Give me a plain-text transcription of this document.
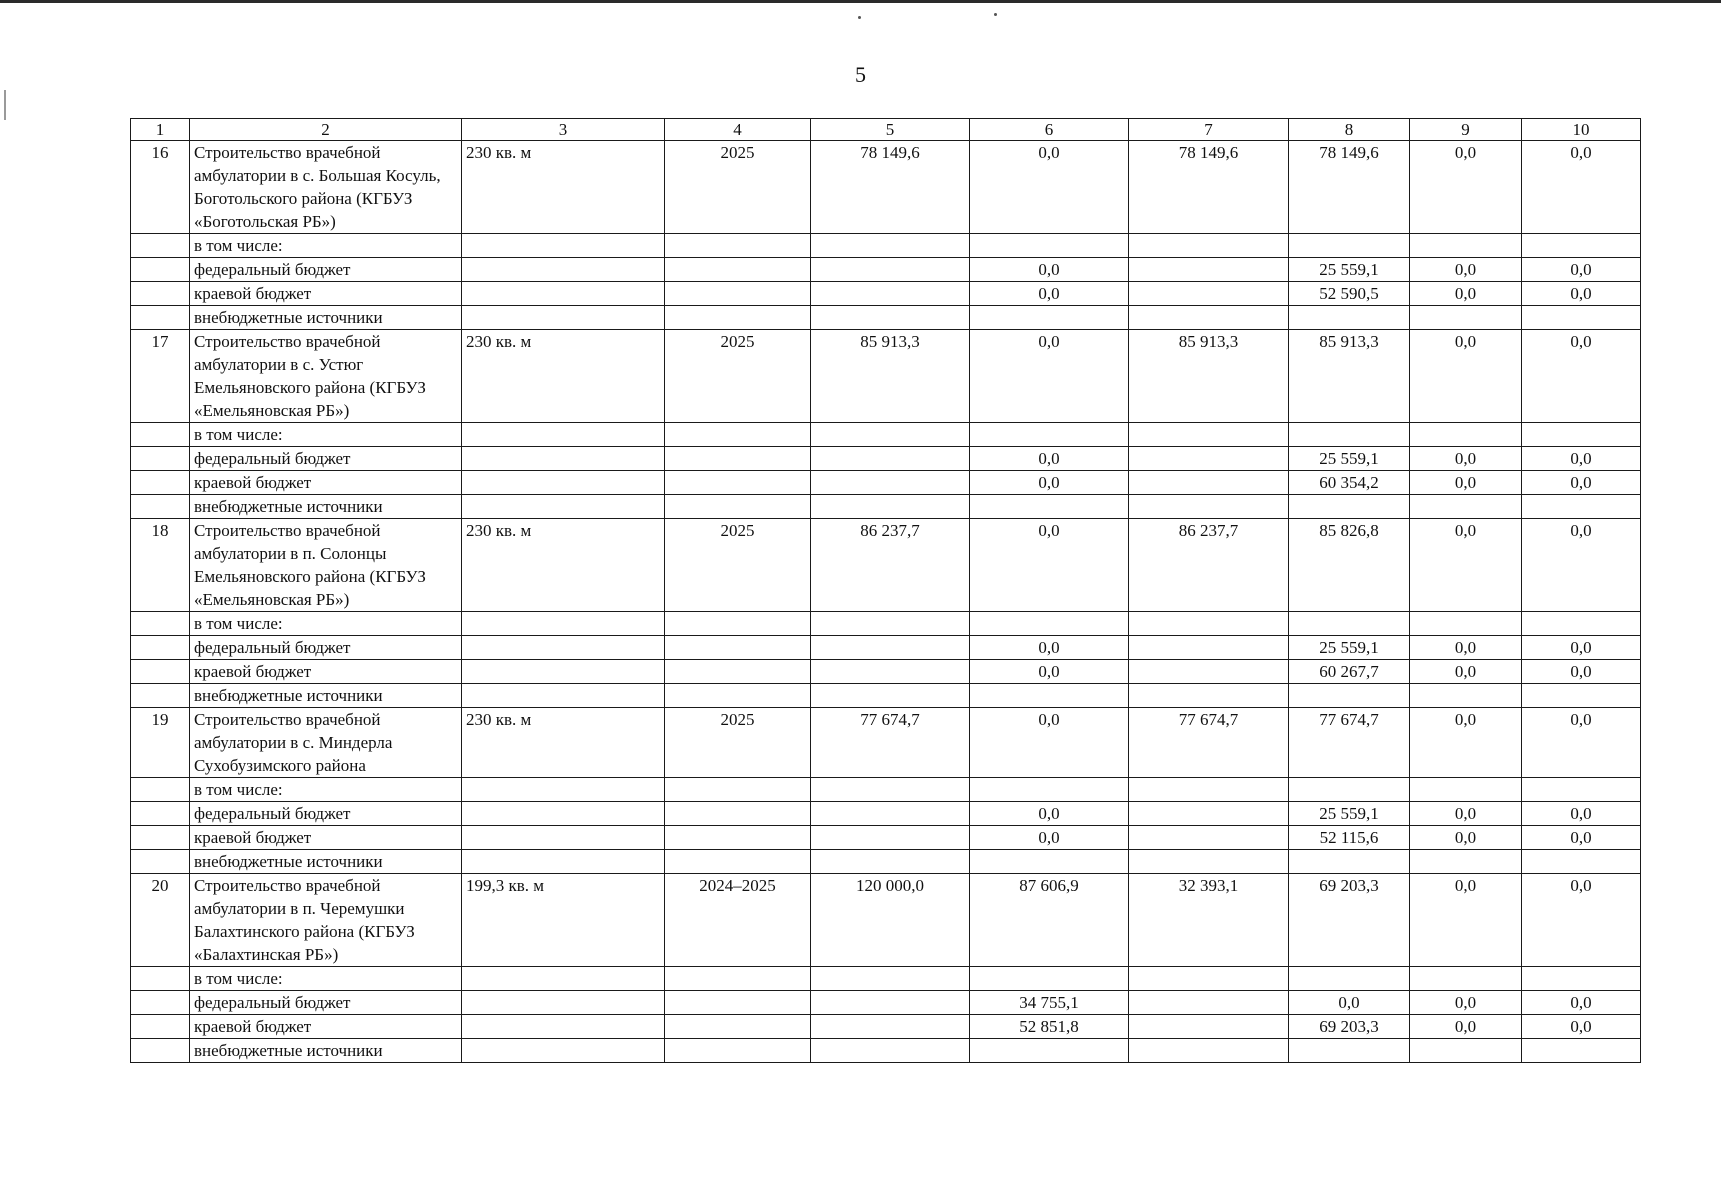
5
1	2	3	4	5	6	7	8	9	10
16	Строительство врачебной амбулатории в с. Большая Косуль, Боготольского района (КГБУЗ «Боготольская РБ»)	230 кв. м	2025	78 149,6	0,0	78 149,6	78 149,6	0,0	0,0
	в том числе:								
	федеральный бюджет				0,0		25 559,1	0,0	0,0
	краевой бюджет				0,0		52 590,5	0,0	0,0
	внебюджетные источники								
17	Строительство врачебной амбулатории в с. Устюг Емельяновского района (КГБУЗ «Емельяновская РБ»)	230 кв. м	2025	85 913,3	0,0	85 913,3	85 913,3	0,0	0,0
	в том числе:								
	федеральный бюджет				0,0		25 559,1	0,0	0,0
	краевой бюджет				0,0		60 354,2	0,0	0,0
	внебюджетные источники								
18	Строительство врачебной амбулатории в п. Солонцы Емельяновского района (КГБУЗ «Емельяновская РБ»)	230 кв. м	2025	86 237,7	0,0	86 237,7	85 826,8	0,0	0,0
	в том числе:								
	федеральный бюджет				0,0		25 559,1	0,0	0,0
	краевой бюджет				0,0		60 267,7	0,0	0,0
	внебюджетные источники								
19	Строительство врачебной амбулатории в с. Миндерла Сухобузимского района	230 кв. м	2025	77 674,7	0,0	77 674,7	77 674,7	0,0	0,0
	в том числе:								
	федеральный бюджет				0,0		25 559,1	0,0	0,0
	краевой бюджет				0,0		52 115,6	0,0	0,0
	внебюджетные источники								
20	Строительство врачебной амбулатории в п. Черемушки Балахтинского района (КГБУЗ «Балахтинская РБ»)	199,3 кв. м	2024–2025	120 000,0	87 606,9	32 393,1	69 203,3	0,0	0,0
	в том числе:								
	федеральный бюджет				34 755,1		0,0	0,0	0,0
	краевой бюджет				52 851,8		69 203,3	0,0	0,0
	внебюджетные источники								
